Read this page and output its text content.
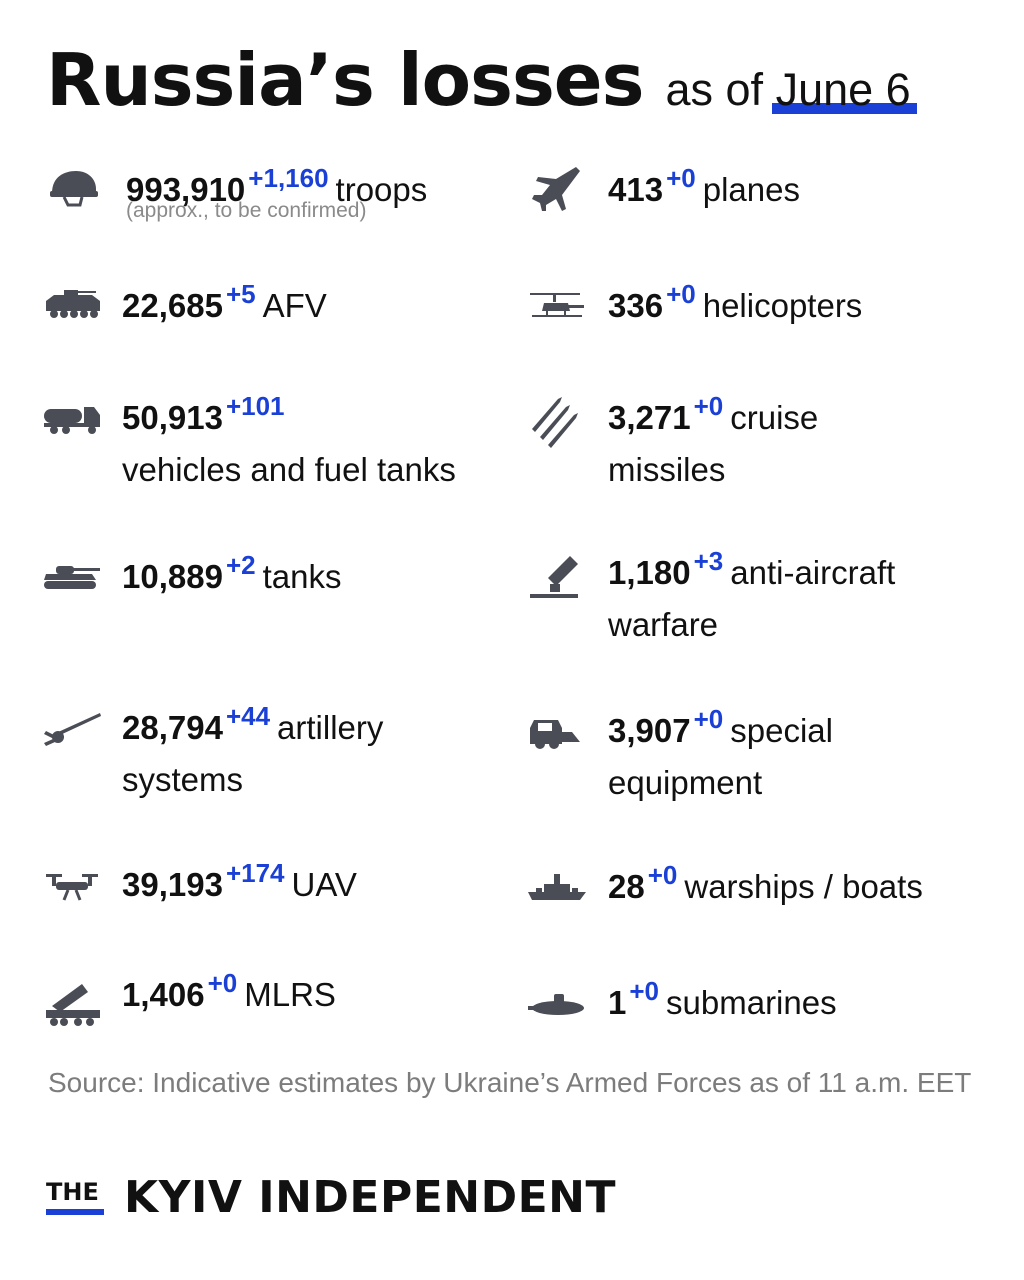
Russia’s losses as of June 6
993,910 $^{+1,160}$ troops
(approx., to be confirmed)
22,685 $^{+5}$ AFV
50,913 $^{+101}$
vehicles and fuel tanks
10,889 $^{+2}$ tanks
28,794 $^{+44}$ artillery
systems
39,193 $^{+174}$ UAV
1,406 $^{+0}$ MLRS
413 $^{+0}$ planes
336 $^{+0}$ helicopters
3,271 $^{+0}$ cruise
missiles
1,180 $^{+3}$ anti-aircraft
warfare
3,907 $^{+0}$ special
equipment
28 $^{+0}$ warships / boats
1 $^{+0}$ submarines
Source: Indicative estimates by Ukraine’s Armed Forces as of 11 a.m. EET
THE KYIV INDEPENDENT
